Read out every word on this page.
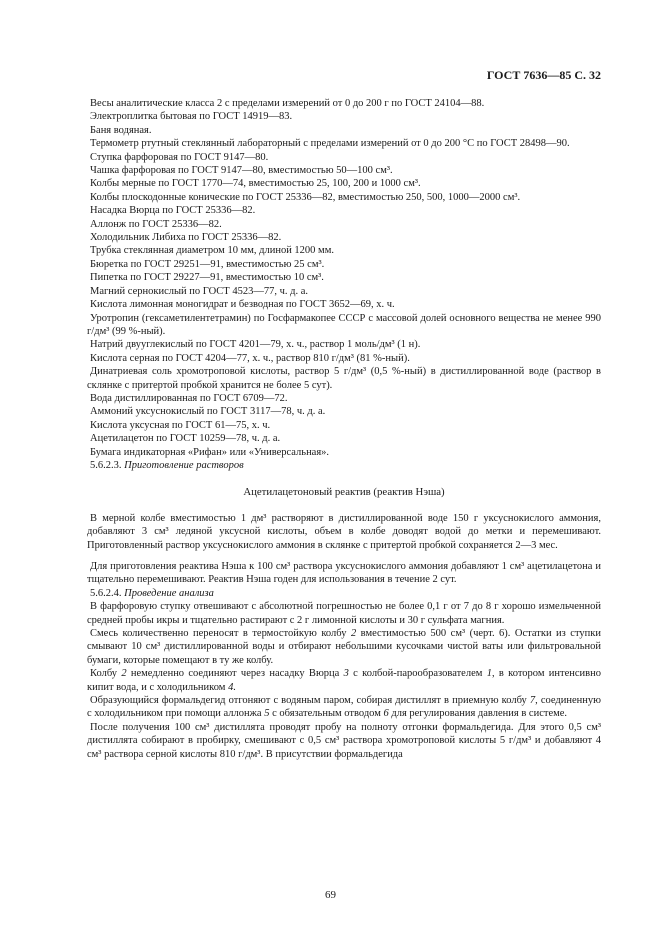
ГОСТ 7636—85 С. 32

Весы аналитические класса 2 с пределами измерений от 0 до 200 г по ГОСТ 24104—88.

Электроплитка бытовая по ГОСТ 14919—83.

Баня водяная.

Термометр ртутный стеклянный лабораторный с пределами измерений от 0 до 200 °С по ГОСТ 28498—90.

Ступка фарфоровая по ГОСТ 9147—80.

Чашка фарфоровая по ГОСТ 9147—80, вместимостью 50—100 см³.

Колбы мерные по ГОСТ 1770—74, вместимостью 25, 100, 200 и 1000 см³.

Колбы плоскодонные конические по ГОСТ 25336—82, вместимостью 250, 500, 1000—2000 см³.

Насадка Вюрца по ГОСТ 25336—82.

Аллонж по ГОСТ 25336—82.

Холодильник Либиха по ГОСТ 25336—82.

Трубка стеклянная диаметром 10 мм, длиной 1200 мм.

Бюретка по ГОСТ 29251—91, вместимостью 25 см³.

Пипетка по ГОСТ 29227—91, вместимостью 10 см³.

Магний сернокислый по ГОСТ 4523—77, ч. д. а.

Кислота лимонная моногидрат и безводная по ГОСТ 3652—69, х. ч.

Уротропин (гексаметилентетрамин) по Госфармакопее СССР с массовой долей основного вещества не менее 990 г/дм³ (99 %-ный).

Натрий двууглекислый по ГОСТ 4201—79, х. ч., раствор 1 моль/дм³ (1 н).

Кислота серная по ГОСТ 4204—77, х. ч., раствор 810 г/дм³ (81 %-ный).

Динатриевая соль хромотроповой кислоты, раствор 5 г/дм³ (0,5 %-ный) в дистиллированной воде (раствор в склянке с притертой пробкой хранится не более 5 сут).

Вода дистиллированная по ГОСТ 6709—72.

Аммоний уксуснокислый по ГОСТ 3117—78, ч. д. а.

Кислота уксусная по ГОСТ 61—75, х. ч.

Ацетилацетон по ГОСТ 10259—78, ч. д. а.

Бумага индикаторная «Рифан» или «Универсальная».

5.6.2.3. Приготовление растворов

Ацетилацетоновый реактив (реактив Нэша)

В мерной колбе вместимостью 1 дм³ растворяют в дистиллированной воде 150 г уксуснокислого аммония, добавляют 3 см³ ледяной уксусной кислоты, объем в колбе доводят водой до метки и перемешивают. Приготовленный раствор уксуснокислого аммония в склянке с притертой пробкой сохраняется 2—3 мес.

Для приготовления реактива Нэша к 100 см³ раствора уксуснокислого аммония добавляют 1 см³ ацетилацетона и тщательно перемешивают. Реактив Нэша годен для использования в течение 2 сут.

5.6.2.4. Проведение анализа

В фарфоровую ступку отвешивают с абсолютной погрешностью не более 0,1 г от 7 до 8 г хорошо измельченной средней пробы икры и тщательно растирают с 2 г лимонной кислоты и 30 г сульфата магния.

Смесь количественно переносят в термостойкую колбу 2 вместимостью 500 см³ (черт. 6). Остатки из ступки смывают 10 см³ дистиллированной воды и отбирают небольшими кусочками чистой ваты или фильтровальной бумаги, которые помещают в ту же колбу.

Колбу 2 немедленно соединяют через насадку Вюрца 3 с колбой-парообразователем 1, в котором интенсивно кипит вода, и с холодильником 4.

Образующийся формальдегид отгоняют с водяным паром, собирая дистиллят в приемную колбу 7, соединенную с холодильником при помощи аллонжа 5 с обязательным отводом 6 для регулирования давления в системе.

После получения 100 см³ дистиллята проводят пробу на полноту отгонки формальдегида. Для этого 0,5 см³ дистиллята собирают в пробирку, смешивают с 0,5 см³ раствора хромотроповой кислоты 5 г/дм³ и добавляют 4 см³ раствора серной кислоты 810 г/дм³. В присутствии формальдегида

69
